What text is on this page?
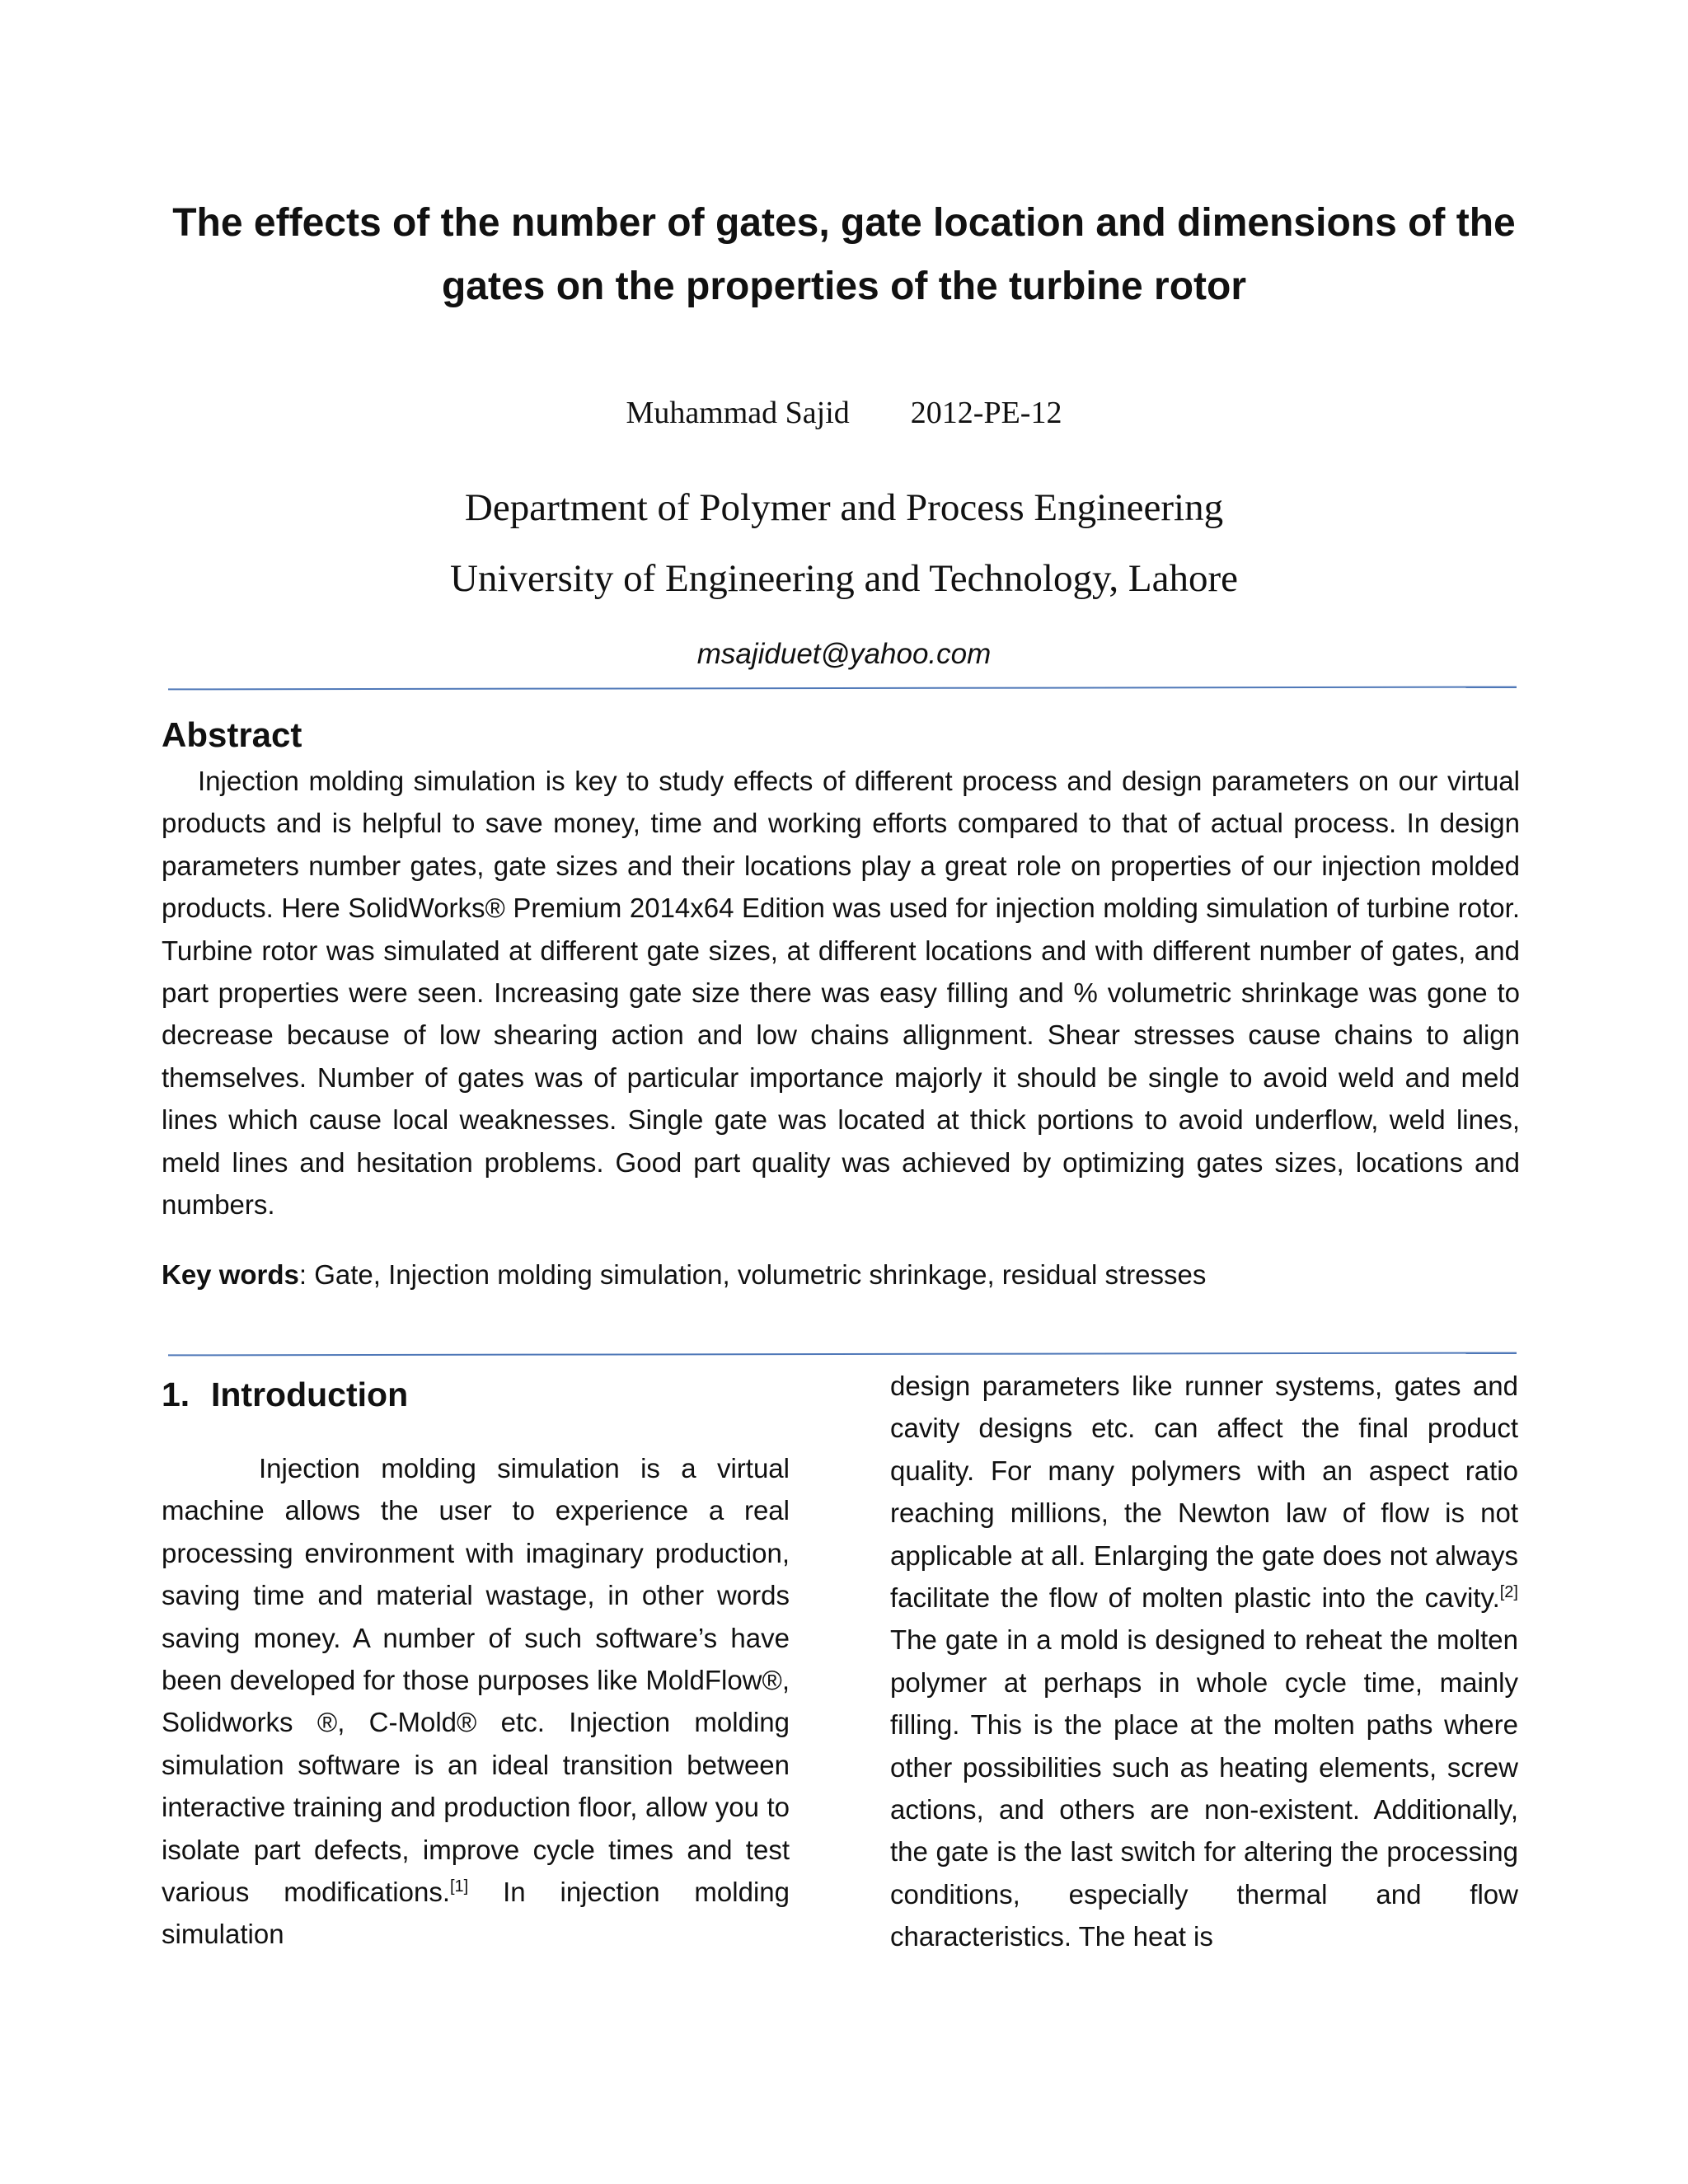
The effects of the number of gates, gate location and dimensions of the gates on the properties of the turbine rotor

Muhammad Sajid 2012-PE-12

Department of Polymer and Process Engineering

University of Engineering and Technology, Lahore

msajiduet@yahoo.com

Abstract

Injection molding simulation is key to study effects of different process and design parameters on our virtual products and is helpful to save money, time and working efforts compared to that of actual process. In design parameters number gates, gate sizes and their locations play a great role on properties of our injection molded products. Here SolidWorks® Premium 2014x64 Edition was used for injection molding simulation of turbine rotor. Turbine rotor was simulated at different gate sizes, at different locations and with different number of gates, and part properties were seen. Increasing gate size there was easy filling and % volumetric shrinkage was gone to decrease because of low shearing action and low chains allignment. Shear stresses cause chains to align themselves. Number of gates was of particular importance majorly it should be single to avoid weld and meld lines which cause local weaknesses. Single gate was located at thick portions to avoid underflow, weld lines, meld lines and hesitation problems. Good part quality was achieved by optimizing gates sizes, locations and numbers.

Key words: Gate, Injection molding simulation, volumetric shrinkage, residual stresses

1. Introduction

Injection molding simulation is a virtual machine allows the user to experience a real processing environment with imaginary production, saving time and material wastage, in other words saving money. A number of such software’s have been developed for those purposes like MoldFlow®, Solidworks ®, C-Mold® etc. Injection molding simulation software is an ideal transition between interactive training and production floor, allow you to isolate part defects, improve cycle times and test various modifications.[1] In injection molding simulation

design parameters like runner systems, gates and cavity designs etc. can affect the final product quality. For many polymers with an aspect ratio reaching millions, the Newton law of flow is not applicable at all. Enlarging the gate does not always facilitate the flow of molten plastic into the cavity.[2] The gate in a mold is designed to reheat the molten polymer at perhaps in whole cycle time, mainly filling. This is the place at the molten paths where other possibilities such as heating elements, screw actions, and others are non-existent. Additionally, the gate is the last switch for altering the processing conditions, especially thermal and flow characteristics. The heat is
